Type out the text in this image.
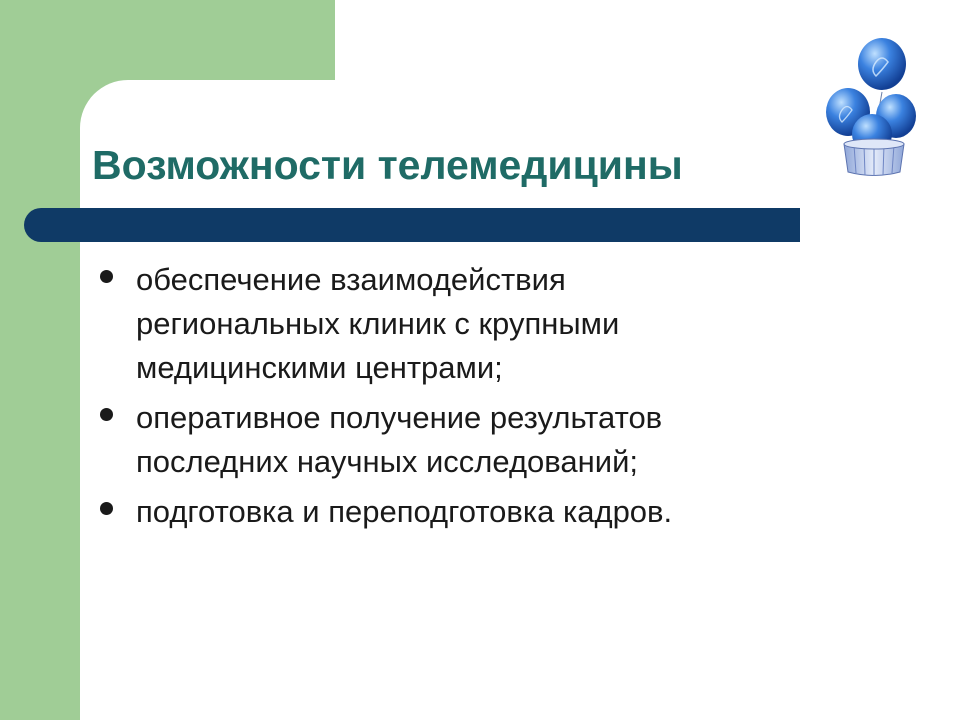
Возможности телемедицины
обеспечение взаимодействия
региональных клиник с крупными
медицинскими центрами;
оперативное получение результатов
последних научных исследований;
подготовка и переподготовка кадров.
